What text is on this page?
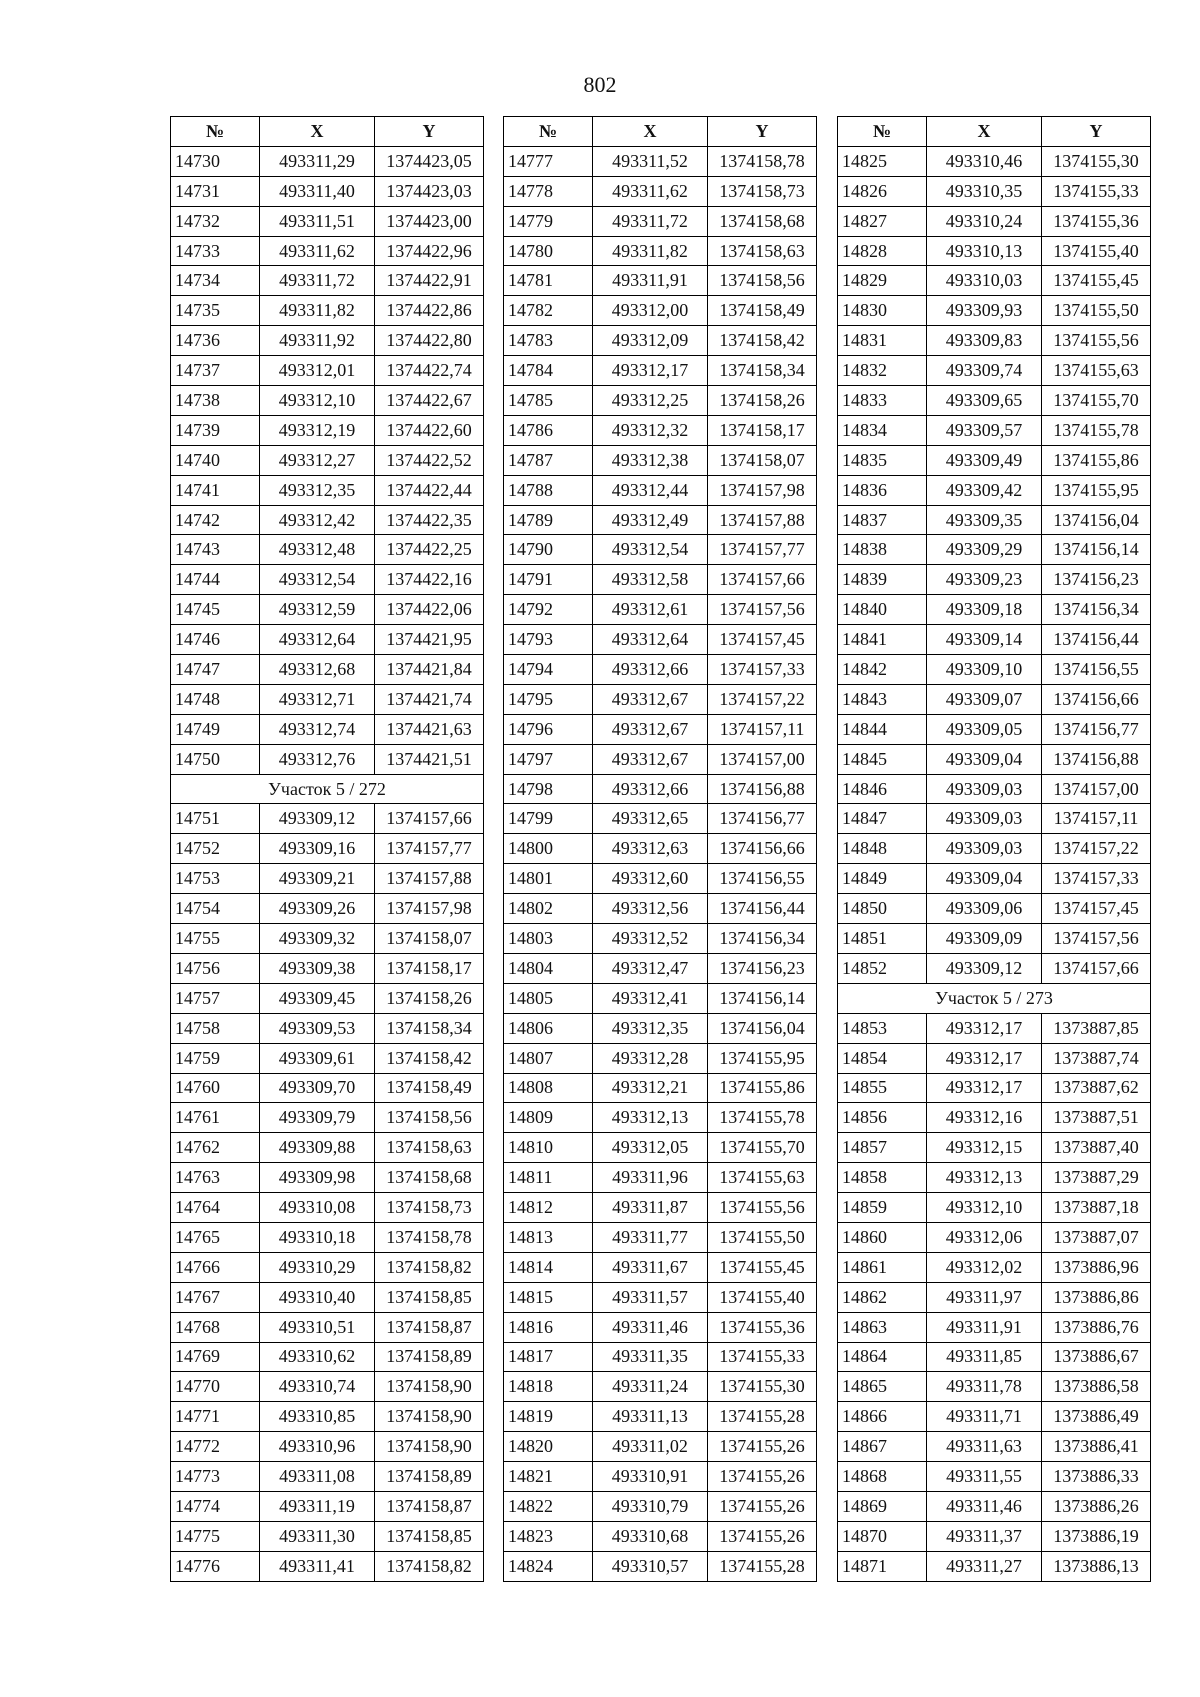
802
№	X	Y
14730	493311,29	1374423,05
14731	493311,40	1374423,03
14732	493311,51	1374423,00
14733	493311,62	1374422,96
14734	493311,72	1374422,91
14735	493311,82	1374422,86
14736	493311,92	1374422,80
14737	493312,01	1374422,74
14738	493312,10	1374422,67
14739	493312,19	1374422,60
14740	493312,27	1374422,52
14741	493312,35	1374422,44
14742	493312,42	1374422,35
14743	493312,48	1374422,25
14744	493312,54	1374422,16
14745	493312,59	1374422,06
14746	493312,64	1374421,95
14747	493312,68	1374421,84
14748	493312,71	1374421,74
14749	493312,74	1374421,63
14750	493312,76	1374421,51
Участок 5 / 272		
14751	493309,12	1374157,66
14752	493309,16	1374157,77
14753	493309,21	1374157,88
14754	493309,26	1374157,98
14755	493309,32	1374158,07
14756	493309,38	1374158,17
14757	493309,45	1374158,26
14758	493309,53	1374158,34
14759	493309,61	1374158,42
14760	493309,70	1374158,49
14761	493309,79	1374158,56
14762	493309,88	1374158,63
14763	493309,98	1374158,68
14764	493310,08	1374158,73
14765	493310,18	1374158,78
14766	493310,29	1374158,82
14767	493310,40	1374158,85
14768	493310,51	1374158,87
14769	493310,62	1374158,89
14770	493310,74	1374158,90
14771	493310,85	1374158,90
14772	493310,96	1374158,90
14773	493311,08	1374158,89
14774	493311,19	1374158,87
14775	493311,30	1374158,85
14776	493311,41	1374158,82
№	X	Y
14777	493311,52	1374158,78
14778	493311,62	1374158,73
14779	493311,72	1374158,68
14780	493311,82	1374158,63
14781	493311,91	1374158,56
14782	493312,00	1374158,49
14783	493312,09	1374158,42
14784	493312,17	1374158,34
14785	493312,25	1374158,26
14786	493312,32	1374158,17
14787	493312,38	1374158,07
14788	493312,44	1374157,98
14789	493312,49	1374157,88
14790	493312,54	1374157,77
14791	493312,58	1374157,66
14792	493312,61	1374157,56
14793	493312,64	1374157,45
14794	493312,66	1374157,33
14795	493312,67	1374157,22
14796	493312,67	1374157,11
14797	493312,67	1374157,00
14798	493312,66	1374156,88
14799	493312,65	1374156,77
14800	493312,63	1374156,66
14801	493312,60	1374156,55
14802	493312,56	1374156,44
14803	493312,52	1374156,34
14804	493312,47	1374156,23
14805	493312,41	1374156,14
14806	493312,35	1374156,04
14807	493312,28	1374155,95
14808	493312,21	1374155,86
14809	493312,13	1374155,78
14810	493312,05	1374155,70
14811	493311,96	1374155,63
14812	493311,87	1374155,56
14813	493311,77	1374155,50
14814	493311,67	1374155,45
14815	493311,57	1374155,40
14816	493311,46	1374155,36
14817	493311,35	1374155,33
14818	493311,24	1374155,30
14819	493311,13	1374155,28
14820	493311,02	1374155,26
14821	493310,91	1374155,26
14822	493310,79	1374155,26
14823	493310,68	1374155,26
14824	493310,57	1374155,28
№	X	Y
14825	493310,46	1374155,30
14826	493310,35	1374155,33
14827	493310,24	1374155,36
14828	493310,13	1374155,40
14829	493310,03	1374155,45
14830	493309,93	1374155,50
14831	493309,83	1374155,56
14832	493309,74	1374155,63
14833	493309,65	1374155,70
14834	493309,57	1374155,78
14835	493309,49	1374155,86
14836	493309,42	1374155,95
14837	493309,35	1374156,04
14838	493309,29	1374156,14
14839	493309,23	1374156,23
14840	493309,18	1374156,34
14841	493309,14	1374156,44
14842	493309,10	1374156,55
14843	493309,07	1374156,66
14844	493309,05	1374156,77
14845	493309,04	1374156,88
14846	493309,03	1374157,00
14847	493309,03	1374157,11
14848	493309,03	1374157,22
14849	493309,04	1374157,33
14850	493309,06	1374157,45
14851	493309,09	1374157,56
14852	493309,12	1374157,66
Участок 5 / 273		
14853	493312,17	1373887,85
14854	493312,17	1373887,74
14855	493312,17	1373887,62
14856	493312,16	1373887,51
14857	493312,15	1373887,40
14858	493312,13	1373887,29
14859	493312,10	1373887,18
14860	493312,06	1373887,07
14861	493312,02	1373886,96
14862	493311,97	1373886,86
14863	493311,91	1373886,76
14864	493311,85	1373886,67
14865	493311,78	1373886,58
14866	493311,71	1373886,49
14867	493311,63	1373886,41
14868	493311,55	1373886,33
14869	493311,46	1373886,26
14870	493311,37	1373886,19
14871	493311,27	1373886,13
